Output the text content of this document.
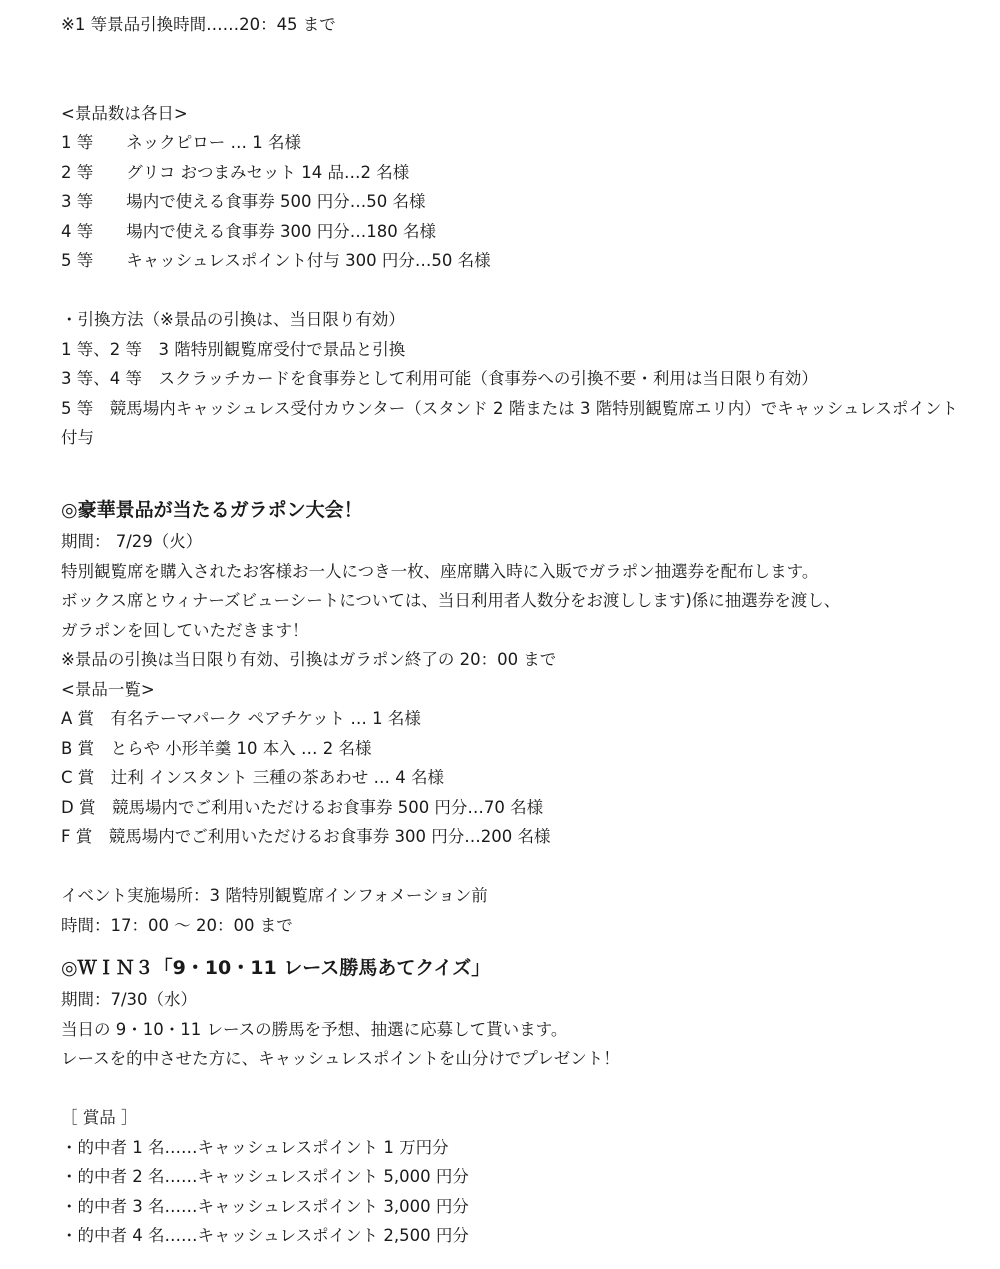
※1 等景品引換時間……20：45 まで
<景品数は各日>
1 等　　ネックピロー … 1 名様
2 等　　グリコ おつまみセット 14 品…2 名様
3 等　　場内で使える食事券 500 円分…50 名様
4 等　　場内で使える食事券 300 円分…180 名様
5 等　　キャッシュレスポイント付与 300 円分…50 名様
・引換方法（※景品の引換は、当日限り有効）
1 等、2 等　3 階特別観覧席受付で景品と引換
3 等、4 等　スクラッチカードを食事券として利用可能（食事券への引換不要・利用は当日限り有効）
5 等　競馬場内キャッシュレス受付カウンター（スタンド 2 階または 3 階特別観覧席エリ内）でキャッシュレスポイント付与
◎豪華景品が当たるガラポン大会！
期間： 7/29（火）
特別観覧席を購入されたお客様お一人につき一枚、座席購入時に入販でガラポン抽選券を配布します。
ボックス席とウィナーズビューシートについては、当日利用者人数分をお渡しします)係に抽選券を渡し、
ガラポンを回していただきます！
※景品の引換は当日限り有効、引換はガラポン終了の 20：00 まで
<景品一覧>
A 賞　有名テーマパーク ペアチケット … 1 名様
B 賞　とらや 小形羊羹 10 本入 … 2 名様
C 賞　辻利 インスタント 三種の茶あわせ … 4 名様
D 賞　競馬場内でご利用いただけるお食事券 500 円分…70 名様
F 賞　競馬場内でご利用いただけるお食事券 300 円分…200 名様
イベント実施場所：3 階特別観覧席インフォメーション前
時間：17：00 ～ 20：00 まで
◎ＷＩＮ３「9・10・11 レース勝馬あてクイズ」
期間：7/30（水）
当日の 9・10・11 レースの勝馬を予想、抽選に応募して貰います。
レースを的中させた方に、キャッシュレスポイントを山分けでプレゼント！
［ 賞品 ］
・的中者 1 名……キャッシュレスポイント 1 万円分
・的中者 2 名……キャッシュレスポイント 5,000 円分
・的中者 3 名……キャッシュレスポイント 3,000 円分
・的中者 4 名……キャッシュレスポイント 2,500 円分
